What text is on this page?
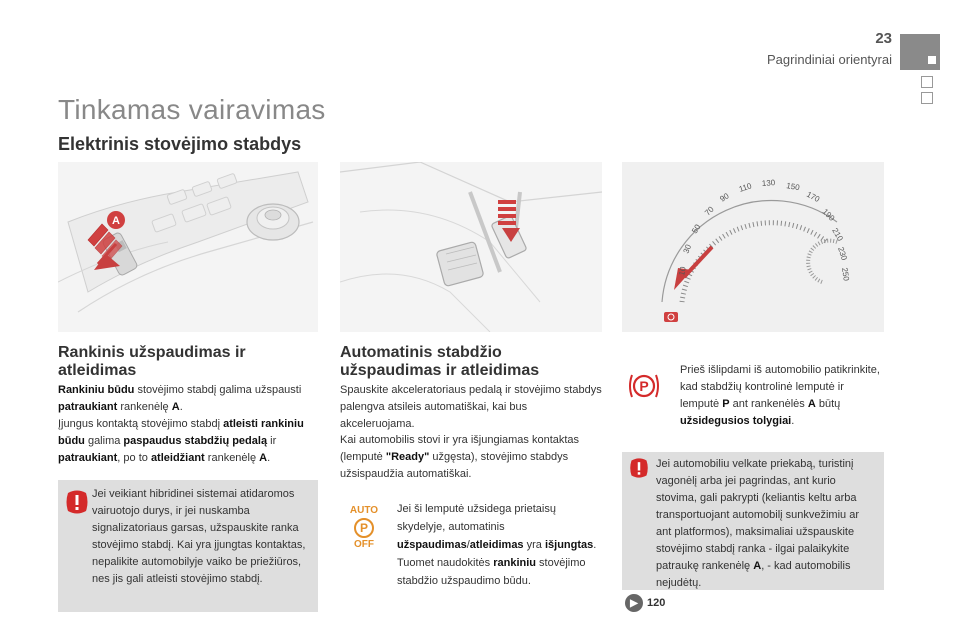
23
Pagrindiniai orientyrai
Tinkamas vairavimas
Elektrinis stovėjimo stabdys
A
10
30
50
70
90
110 130 150
170
190
210
230
250
Rankinis užspaudimas ir atleidimas
Rankiniu būdu stovėjimo stabdį galima užspausti patraukiant rankenėlę A.
Įjungus kontaktą stovėjimo stabdį atleisti rankiniu būdu galima paspaudus stabdžių pedalą ir patraukiant, po to atleidžiant rankenėlę A.
Jei veikiant hibridinei sistemai atidaromos vairuotojo durys, ir jei nuskamba signalizatoriaus garsas, užspauskite ranka stovėjimo stabdį. Kai yra įjungtas kontaktas, nepalikite automobilyje vaiko be priežiūros, nes jis gali atleisti stovėjimo stabdį.
Automatinis stabdžio užspaudimas ir atleidimas
Spauskite akceleratoriaus pedalą ir stovėjimo stabdys palengva atsileis automatiškai, kai bus akceleruojama.
Kai automobilis stovi ir yra išjungiamas kontaktas (lemputė "Ready" užgęsta), stovėjimo stabdys užsispaudžia automatiškai.
AUTO
P
OFF
Jei ši lemputė užsidega prietaisų skydelyje, automatinis užspaudimas/atleidimas yra išjungtas. Tuomet naudokitės rankiniu stovėjimo stabdžio užspaudimo būdu.
P
Prieš išlipdami iš automobilio patikrinkite, kad stabdžių kontrolinė lemputė ir lemputė P ant rankenėlės A būtų užsidegusios tolygiai.
Jei automobiliu velkate priekabą, turistinį vagonėlį arba jei pagrindas, ant kurio stovima, gali pakrypti (keliantis keltu arba transportuojant automobilį sunkvežimiu ar ant platformos), maksimaliai užspauskite stovėjimo stabdį ranka - ilgai palaikykite patraukę rankenėlę A, - kad automobilis nejudėtų.
▶ 120
